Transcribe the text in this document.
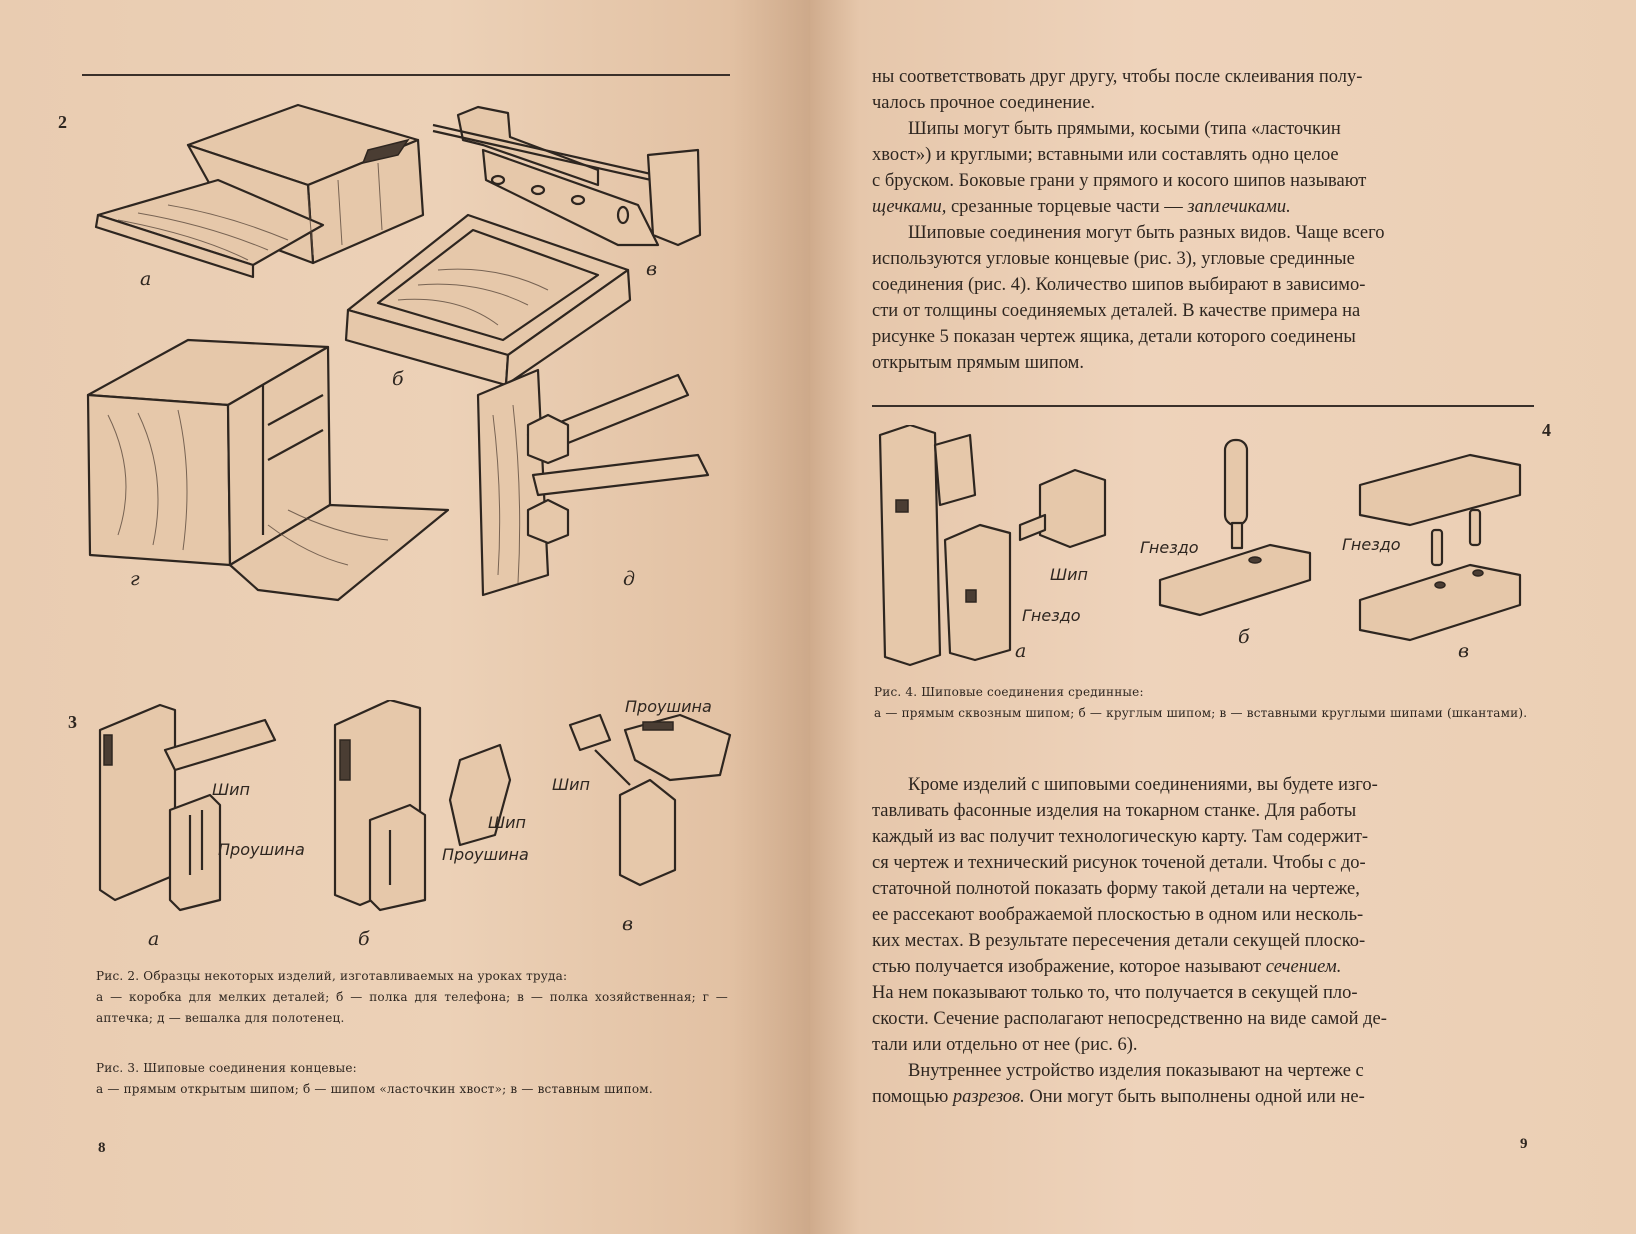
2
а	в
б
г	д
3
Шип
Проушина
а
Шип
Проушина
б
Проушина
Шип
в
Рис. 2. Образцы некоторых изделий, изготавливаемых на уроках труда:
а — коробка для мелких деталей; б — полка для телефона; в — полка хозяйственная; г — аптечка; д — вешалка для полотенец.
Рис. 3. Шиповые соединения концевые:
а — прямым открытым шипом; б — шипом «ласточкин хвост»; в — вставным шипом.
8
ны соответствовать друг другу, чтобы после склеивания полу-
чалось прочное соединение.
Шипы могут быть прямыми, косыми (типа «ласточкин
хвост») и круглыми; вставными или составлять одно целое
с бруском. Боковые грани у прямого и косого шипов называют
щечками, срезанные торцевые части — заплечиками.
Шиповые соединения могут быть разных видов. Чаще всего
используются угловые концевые (рис. 3), угловые срединные
соединения (рис. 4). Количество шипов выбирают в зависимо-
сти от толщины соединяемых деталей. В качестве примера на
рисунке 5 показан чертеж ящика, детали которого соединены
открытым прямым шипом.
4
Шип
Гнездо
а
Гнездо
б
Гнездо
в
Рис. 4. Шиповые соединения срединные:
а — прямым сквозным шипом; б — круглым шипом; в — вставными круглыми шипами (шкантами).
Кроме изделий с шиповыми соединениями, вы будете изго-
тавливать фасонные изделия на токарном станке. Для работы
каждый из вас получит технологическую карту. Там содержит-
ся чертеж и технический рисунок точеной детали. Чтобы с до-
статочной полнотой показать форму такой детали на чертеже,
ее рассекают воображаемой плоскостью в одном или несколь-
ких местах. В результате пересечения детали секущей плоско-
стью получается изображение, которое называют сечением.
На нем показывают только то, что получается в секущей пло-
скости. Сечение располагают непосредственно на виде самой де-
тали или отдельно от нее (рис. 6).
Внутреннее устройство изделия показывают на чертеже с
помощью разрезов. Они могут быть выполнены одной или не-
9
